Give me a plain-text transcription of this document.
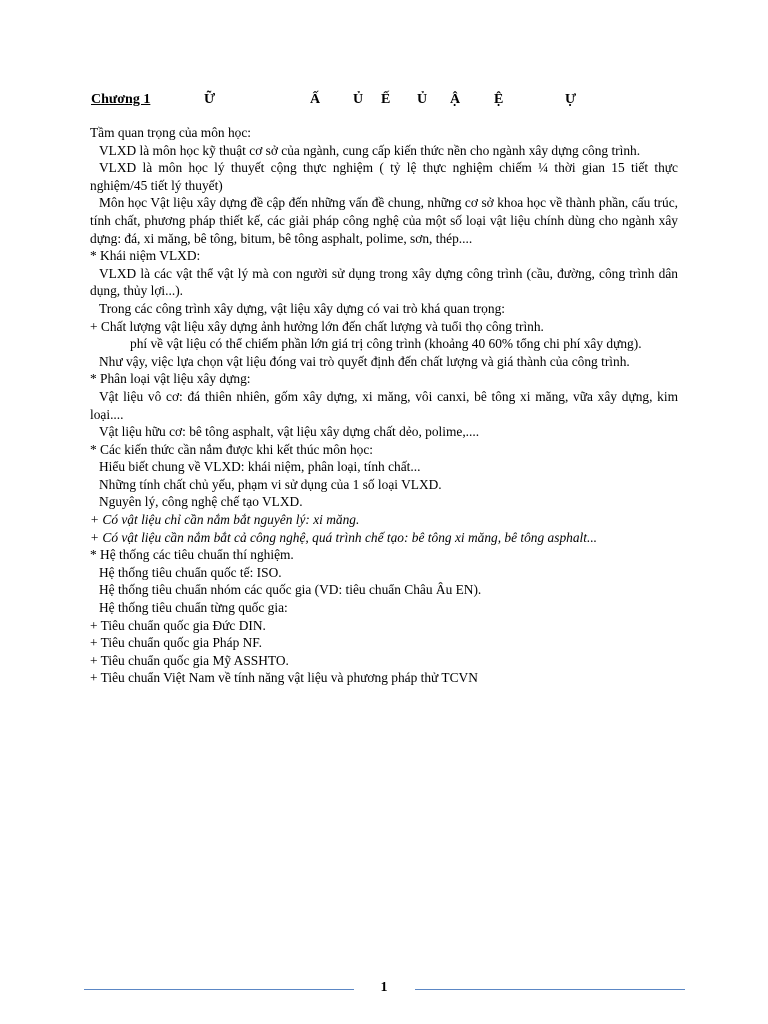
Chương 1	Ữ	Ấ Ủ Ế Ủ Ậ Ệ	Ự

Tầm quan trọng của môn học:

VLXD là môn học kỹ thuật cơ sở của ngành, cung cấp kiến thức nền cho ngành xây dựng công trình.

VLXD là môn học lý thuyết cộng thực nghiệm ( tỷ lệ thực nghiệm chiếm ¼ thời gian 15 tiết thực nghiệm/45 tiết lý thuyết)

Môn học Vật liệu xây dựng đề cập đến những vấn đề chung, những cơ sở khoa học về thành phần, cấu trúc, tính chất, phương pháp thiết kế, các giải pháp công nghệ của một số loại vật liệu chính dùng cho ngành xây dựng: đá, xi măng, bê tông, bitum, bê tông asphalt, polime, sơn, thép....

* Khái niệm VLXD:

VLXD là các vật thể vật lý mà con người sử dụng trong xây dựng công trình (cầu, đường, công trình dân dụng, thủy lợi...).

Trong các công trình xây dựng, vật liệu xây dựng có vai trò khá quan trọng:

+ Chất lượng vật liệu xây dựng ảnh hưởng lớn đến chất lượng và tuổi thọ công trình.

phí về vật liệu có thể chiếm phần lớn giá trị công trình (khoảng 40 60% tổng chi phí xây dựng).

Như vậy, việc lựa chọn vật liệu đóng vai trò quyết định đến chất lượng và giá thành của công trình.

* Phân loại vật liệu xây dựng:

Vật liệu vô cơ: đá thiên nhiên, gốm xây dựng, xi măng, vôi canxi, bê tông xi măng, vữa xây dựng, kim loại....

Vật liệu hữu cơ: bê tông asphalt, vật liệu xây dựng chất dẻo, polime,....

* Các kiến thức cần nắm được khi kết thúc môn học:

Hiểu biết chung về VLXD: khái niệm, phân loại, tính chất...

Những tính chất chủ yếu, phạm vi sử dụng của 1 số loại VLXD.

Nguyên lý, công nghệ chế tạo VLXD.

+ Có vật liệu chỉ cần nắm bắt nguyên lý: xi măng.

+ Có vật liệu cần nắm bắt cả công nghệ, quá trình chế tạo: bê tông xi măng, bê tông asphalt...

* Hệ thống các tiêu chuẩn thí nghiệm.

Hệ thống tiêu chuẩn quốc tế: ISO.

Hệ thống tiêu chuẩn nhóm các quốc gia (VD: tiêu chuẩn Châu Âu EN).

Hệ thống tiêu chuẩn từng quốc gia:

+ Tiêu chuẩn quốc gia Đức DIN.

+ Tiêu chuẩn quốc gia Pháp NF.

+ Tiêu chuẩn quốc gia Mỹ ASSHTO.

+ Tiêu chuẩn Việt Nam về tính năng vật liệu và phương pháp thử TCVN

1
